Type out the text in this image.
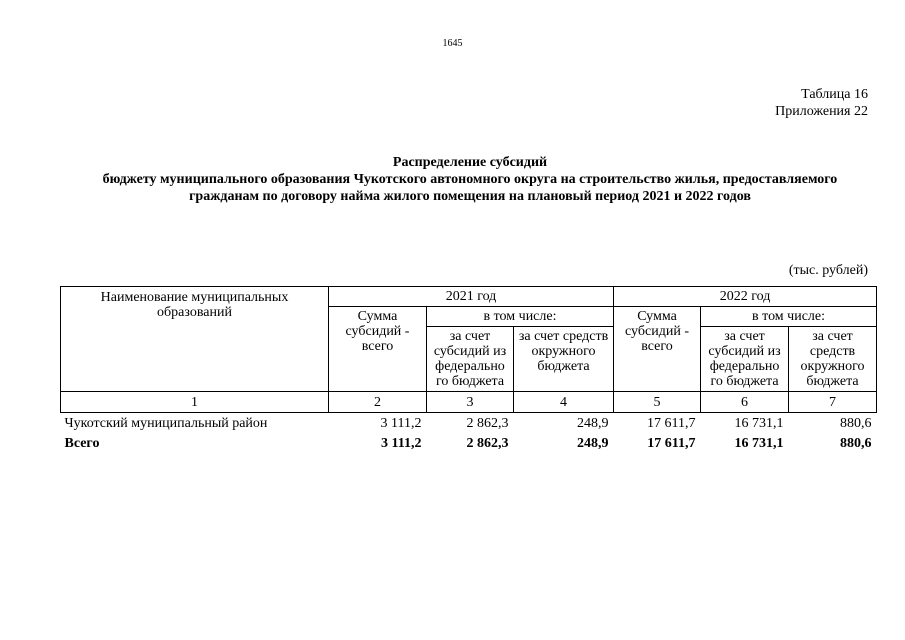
1645
Таблица 16
Приложения 22
Распределение субсидий
бюджету муниципального образования Чукотского автономного округа на строительство жилья, предоставляемого
гражданам по договору найма жилого помещения на плановый период 2021 и 2022 годов
(тыс. рублей)
Наименование муниципальных образований	2021 год			2022 год		
	Сумма субсидий - всего	в том числе:		Сумма субсидий - всего	в том числе:	
		за счет субсидий из федерально го бюджета	за счет средств окружного бюджета		за счет субсидий из федерально го бюджета	за счет средств окружного бюджета
1	2	3	4	5	6	7
Чукотский муниципальный район	3 111,2	2 862,3	248,9	17 611,7	16 731,1	880,6
Всего	3 111,2	2 862,3	248,9	17 611,7	16 731,1	880,6
